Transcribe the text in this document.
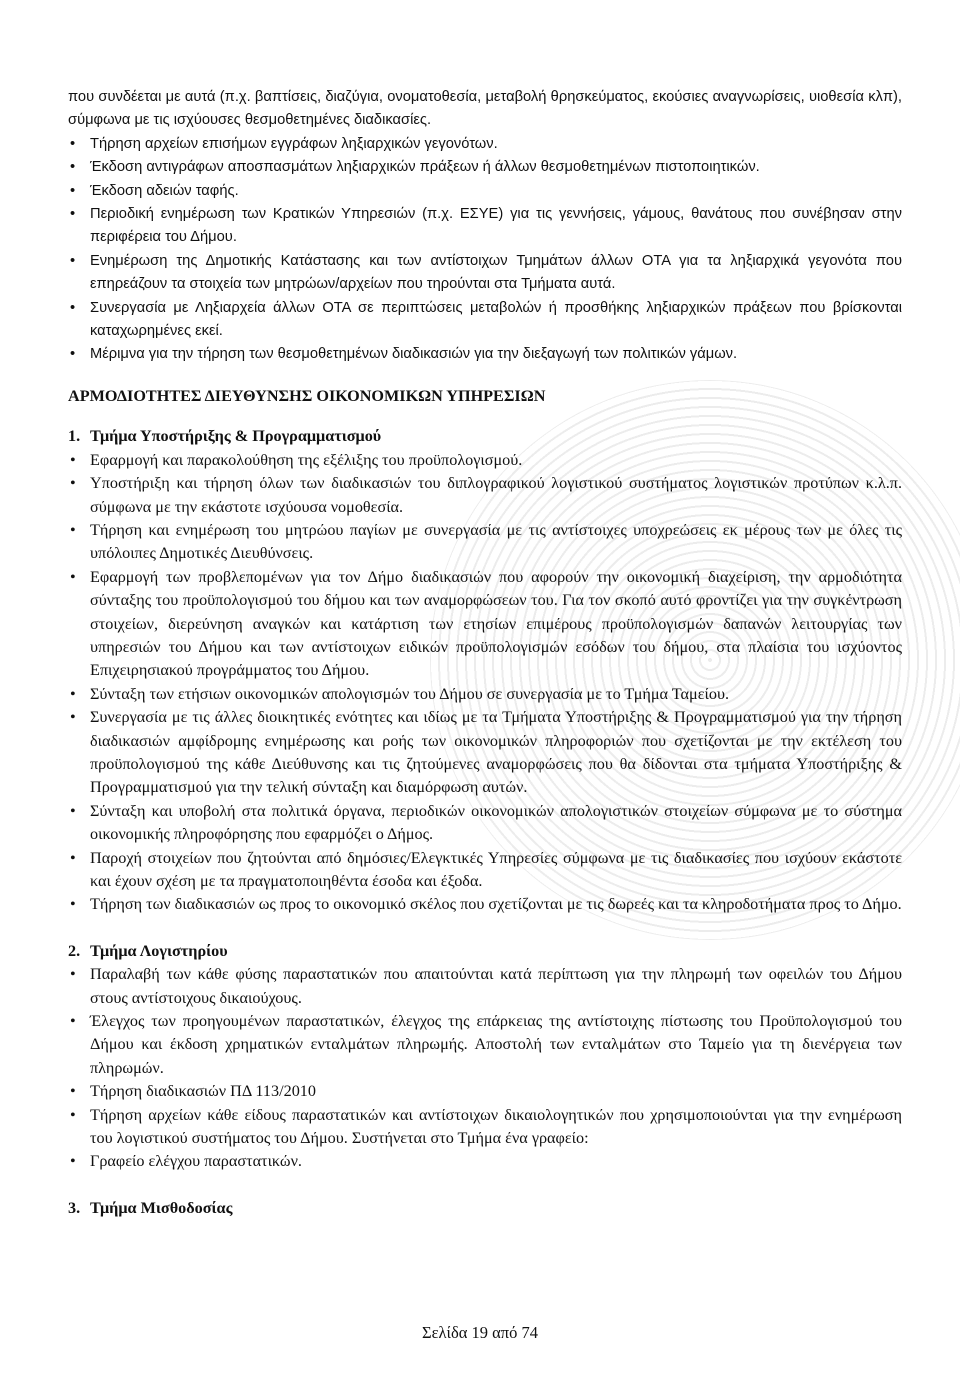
που συνδέεται με αυτά (π.χ. βαπτίσεις, διαζύγια, ονοματοθεσία, μεταβολή θρησκεύματος, εκούσιες αναγνωρίσεις, υιοθεσία κλπ), σύμφωνα με τις ισχύουσες θεσμοθετημένες διαδικασίες.

• Τήρηση αρχείων επισήμων εγγράφων ληξιαρχικών γεγονότων.
• Έκδοση αντιγράφων αποσπασμάτων ληξιαρχικών πράξεων ή άλλων θεσμοθετημένων πιστοποιητικών.
• Έκδοση αδειών ταφής.
• Περιοδική ενημέρωση των Κρατικών Υπηρεσιών (π.χ. ΕΣΥΕ) για τις γεννήσεις, γάμους, θανάτους που συνέβησαν στην περιφέρεια του Δήμου.
• Ενημέρωση της Δημοτικής Κατάστασης και των αντίστοιχων Τμημάτων άλλων ΟΤΑ για τα ληξιαρχικά γεγονότα που επηρεάζουν τα στοιχεία των μητρώων/αρχείων που τηρούνται στα Τμήματα αυτά.
• Συνεργασία με Ληξιαρχεία άλλων ΟΤΑ σε περιπτώσεις μεταβολών ή προσθήκης ληξιαρχικών πράξεων που βρίσκονται καταχωρημένες εκεί.
• Μέριμνα για την τήρηση των θεσμοθετημένων διαδικασιών για την διεξαγωγή των πολιτικών γάμων.
ΑΡΜΟΔΙΟΤΗΤΕΣ ΔΙΕΥΘΥΝΣΗΣ ΟΙΚΟΝΟΜΙΚΩΝ ΥΠΗΡΕΣΙΩΝ
1. Τμήμα Υποστήριξης & Προγραμματισμού
• Εφαρμογή και παρακολούθηση της εξέλιξης του προϋπολογισμού.
• Υποστήριξη και τήρηση όλων των διαδικασιών του διπλογραφικού λογιστικού συστήματος λογιστικών προτύπων κ.λ.π. σύμφωνα με την εκάστοτε ισχύουσα νομοθεσία.
• Τήρηση και ενημέρωση του μητρώου παγίων με συνεργασία με τις αντίστοιχες υποχρεώσεις εκ μέρους των με όλες τις υπόλοιπες Δημοτικές Διευθύνσεις.
• Εφαρμογή των προβλεπομένων για τον Δήμο διαδικασιών που αφορούν την οικονομική διαχείριση, την αρμοδιότητα σύνταξης του προϋπολογισμού του δήμου και των αναμορφώσεων του. Για τον σκοπό αυτό φροντίζει για την συγκέντρωση στοιχείων, διερεύνηση αναγκών και κατάρτιση των ετησίων επιμέρους προϋπολογισμών δαπανών λειτουργίας των υπηρεσιών του Δήμου και των αντίστοιχων ειδικών προϋπολογισμών εσόδων του δήμου, στα πλαίσια του ισχύοντος Επιχειρησιακού προγράμματος του Δήμου.
• Σύνταξη των ετήσιων οικονομικών απολογισμών του Δήμου σε συνεργασία με το Τμήμα Ταμείου.
• Συνεργασία με τις άλλες διοικητικές ενότητες και ιδίως με τα Τμήματα Υποστήριξης & Προγραμματισμού για την τήρηση διαδικασιών αμφίδρομης ενημέρωσης και ροής των οικονομικών πληροφοριών που σχετίζονται με την εκτέλεση του προϋπολογισμού της κάθε Διεύθυνσης και τις ζητούμενες αναμορφώσεις που θα δίδονται στα τμήματα Υποστήριξης & Προγραμματισμού για την τελική σύνταξη και διαμόρφωση αυτών.
• Σύνταξη και υποβολή στα πολιτικά όργανα, περιοδικών οικονομικών απολογιστικών στοιχείων σύμφωνα με το σύστημα οικονομικής πληροφόρησης που εφαρμόζει ο Δήμος.
• Παροχή στοιχείων που ζητούνται από δημόσιες/Ελεγκτικές Υπηρεσίες σύμφωνα με τις διαδικασίες που ισχύουν εκάστοτε και έχουν σχέση με τα πραγματοποιηθέντα έσοδα και έξοδα.
• Τήρηση των διαδικασιών ως προς το οικονομικό σκέλος που σχετίζονται με τις δωρεές και τα κληροδοτήματα προς το Δήμο.
2. Τμήμα Λογιστηρίου
• Παραλαβή των κάθε φύσης παραστατικών που απαιτούνται κατά περίπτωση για την πληρωμή των οφειλών του Δήμου στους αντίστοιχους δικαιούχους.
• Έλεγχος των προηγουμένων παραστατικών, έλεγχος της επάρκειας της αντίστοιχης πίστωσης του Προϋπολογισμού του Δήμου και έκδοση χρηματικών ενταλμάτων πληρωμής. Αποστολή των ενταλμάτων στο Ταμείο για τη διενέργεια των πληρωμών.
• Τήρηση διαδικασιών ΠΔ 113/2010
• Τήρηση αρχείων κάθε είδους παραστατικών και αντίστοιχων δικαιολογητικών που χρησιμοποιούνται για την ενημέρωση του λογιστικού συστήματος του Δήμου. Συστήνεται στο Τμήμα ένα γραφείο:
• Γραφείο ελέγχου παραστατικών.
3. Τμήμα Μισθοδοσίας
Σελίδα 19 από 74
